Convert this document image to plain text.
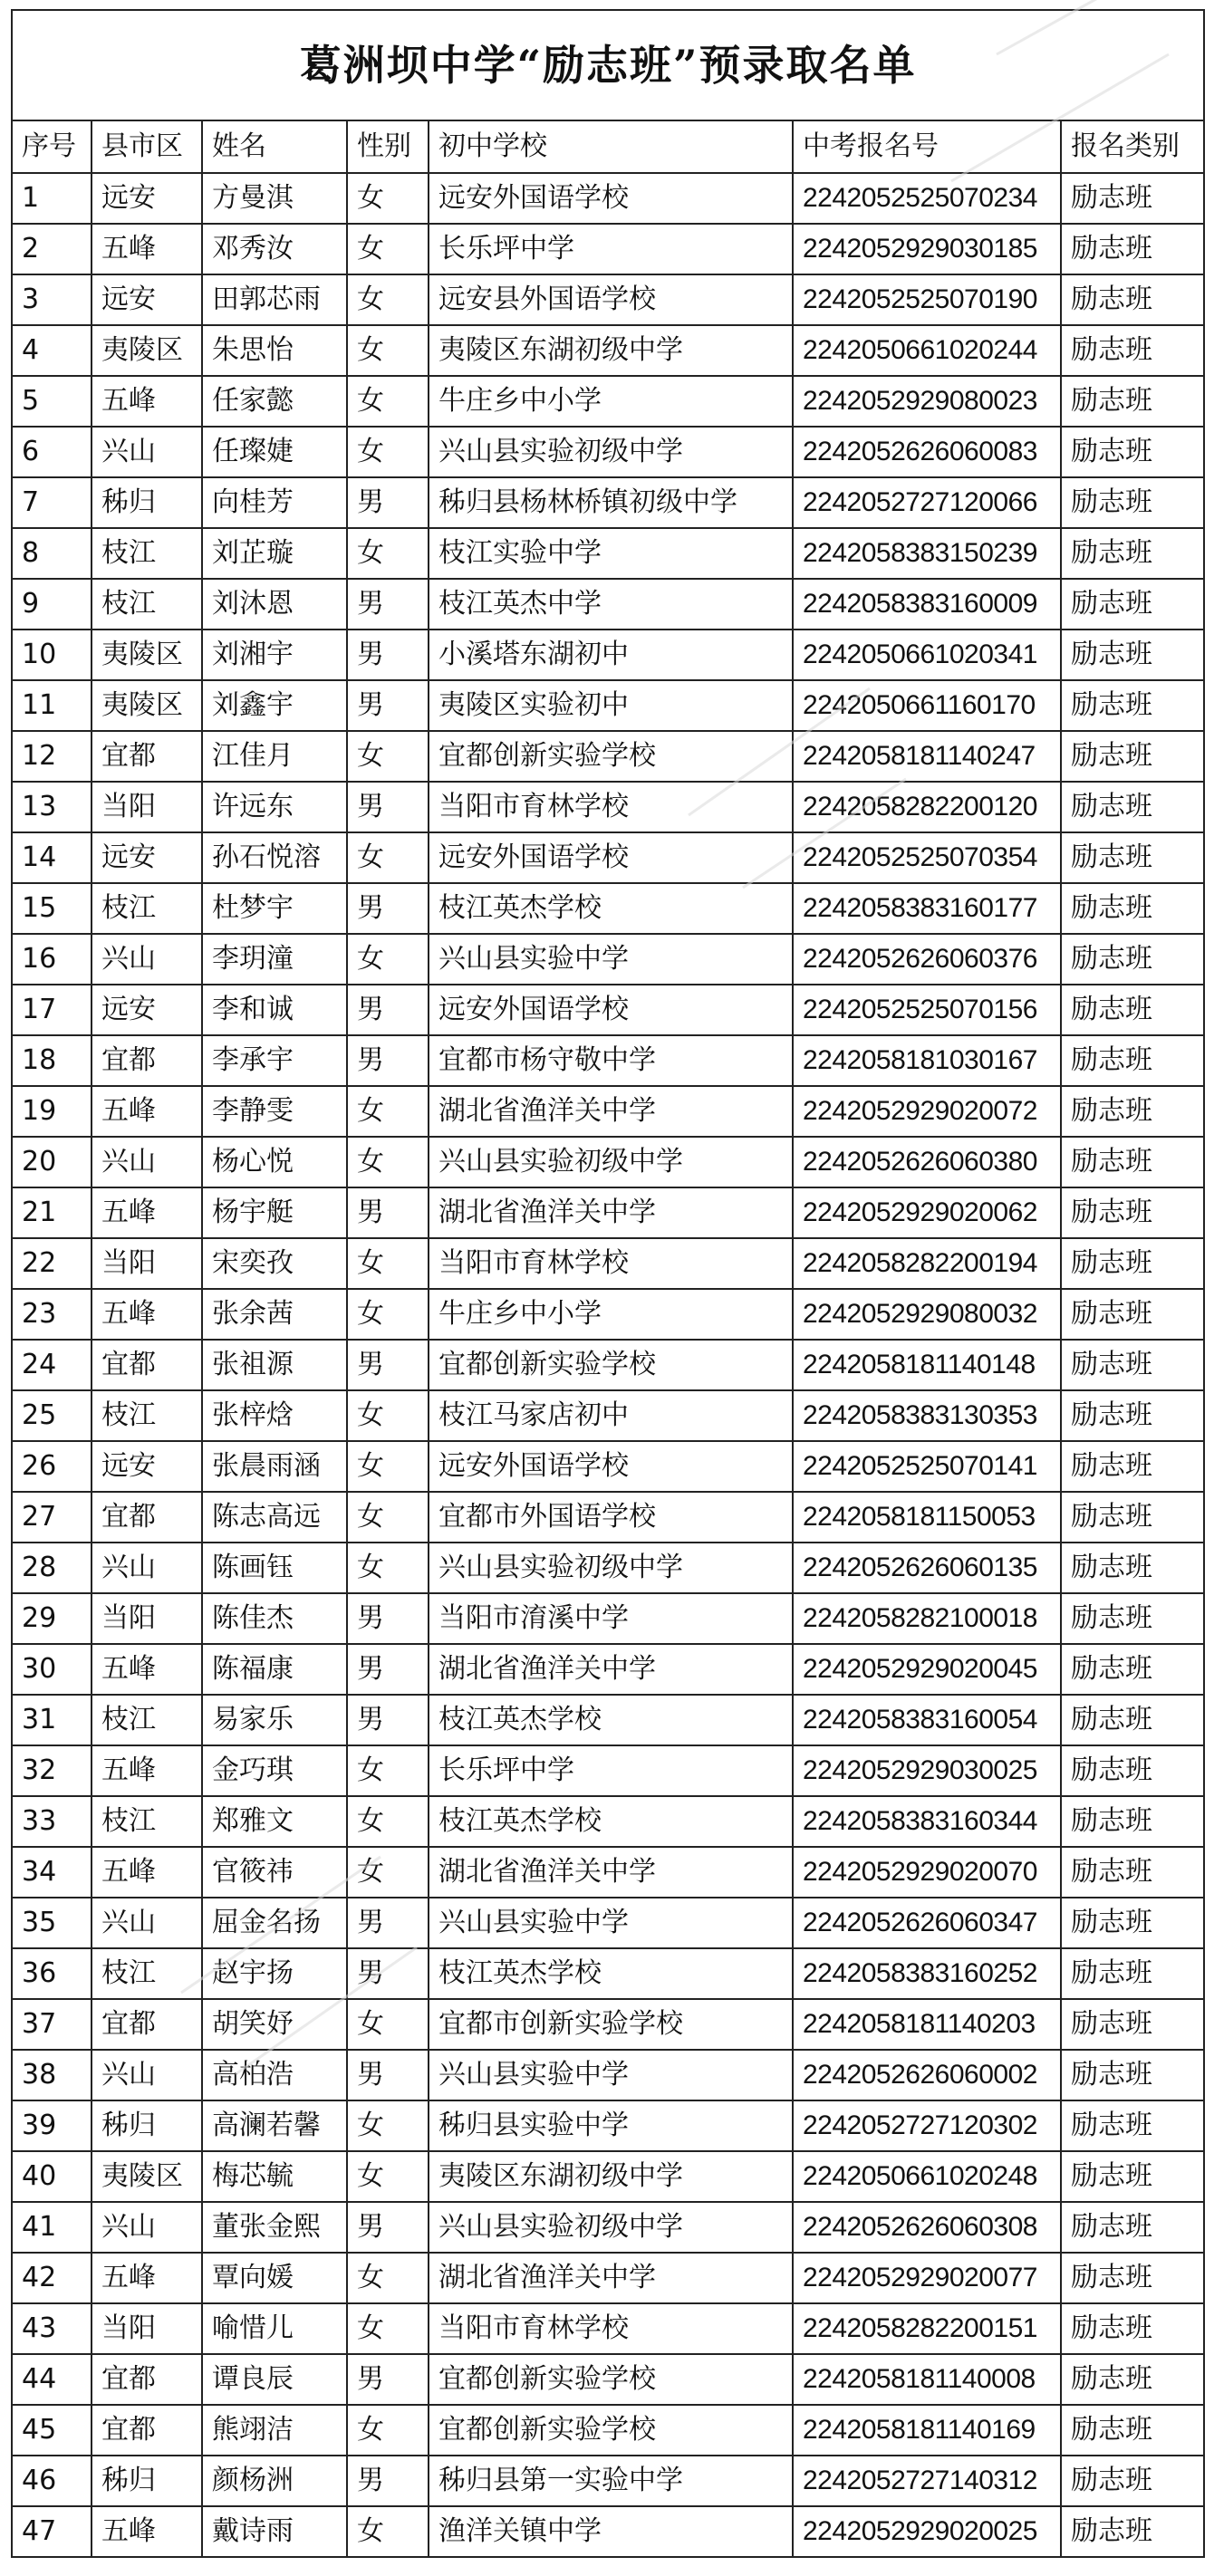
葛洲坝中学“励志班”预录取名单						
序号	县市区	姓名	性别	初中学校	中考报名号	报名类别
1	远安	方曼淇	女	远安外国语学校	2242052525070234	励志班
2	五峰	邓秀汝	女	长乐坪中学	2242052929030185	励志班
3	远安	田郭芯雨	女	远安县外国语学校	2242052525070190	励志班
4	夷陵区	朱思怡	女	夷陵区东湖初级中学	2242050661020244	励志班
5	五峰	任家懿	女	牛庄乡中小学	2242052929080023	励志班
6	兴山	任璨婕	女	兴山县实验初级中学	2242052626060083	励志班
7	秭归	向桂芳	男	秭归县杨林桥镇初级中学	2242052727120066	励志班
8	枝江	刘芷璇	女	枝江实验中学	2242058383150239	励志班
9	枝江	刘沐恩	男	枝江英杰中学	2242058383160009	励志班
10	夷陵区	刘湘宇	男	小溪塔东湖初中	2242050661020341	励志班
11	夷陵区	刘鑫宇	男	夷陵区实验初中	2242050661160170	励志班
12	宜都	江佳月	女	宜都创新实验学校	2242058181140247	励志班
13	当阳	许远东	男	当阳市育林学校	2242058282200120	励志班
14	远安	孙石悦溶	女	远安外国语学校	2242052525070354	励志班
15	枝江	杜梦宇	男	枝江英杰学校	2242058383160177	励志班
16	兴山	李玥潼	女	兴山县实验中学	2242052626060376	励志班
17	远安	李和诚	男	远安外国语学校	2242052525070156	励志班
18	宜都	李承宇	男	宜都市杨守敬中学	2242058181030167	励志班
19	五峰	李静雯	女	湖北省渔洋关中学	2242052929020072	励志班
20	兴山	杨心悦	女	兴山县实验初级中学	2242052626060380	励志班
21	五峰	杨宇艇	男	湖北省渔洋关中学	2242052929020062	励志班
22	当阳	宋奕孜	女	当阳市育林学校	2242058282200194	励志班
23	五峰	张余茜	女	牛庄乡中小学	2242052929080032	励志班
24	宜都	张祖源	男	宜都创新实验学校	2242058181140148	励志班
25	枝江	张梓焓	女	枝江马家店初中	2242058383130353	励志班
26	远安	张晨雨涵	女	远安外国语学校	2242052525070141	励志班
27	宜都	陈志高远	女	宜都市外国语学校	2242058181150053	励志班
28	兴山	陈画钰	女	兴山县实验初级中学	2242052626060135	励志班
29	当阳	陈佳杰	男	当阳市淯溪中学	2242058282100018	励志班
30	五峰	陈福康	男	湖北省渔洋关中学	2242052929020045	励志班
31	枝江	易家乐	男	枝江英杰学校	2242058383160054	励志班
32	五峰	金巧琪	女	长乐坪中学	2242052929030025	励志班
33	枝江	郑雅文	女	枝江英杰学校	2242058383160344	励志班
34	五峰	官筱祎	女	湖北省渔洋关中学	2242052929020070	励志班
35	兴山	屈金名扬	男	兴山县实验中学	2242052626060347	励志班
36	枝江	赵宇扬	男	枝江英杰学校	2242058383160252	励志班
37	宜都	胡笑妤	女	宜都市创新实验学校	2242058181140203	励志班
38	兴山	高柏浩	男	兴山县实验中学	2242052626060002	励志班
39	秭归	高澜若馨	女	秭归县实验中学	2242052727120302	励志班
40	夷陵区	梅芯毓	女	夷陵区东湖初级中学	2242050661020248	励志班
41	兴山	董张金熙	男	兴山县实验初级中学	2242052626060308	励志班
42	五峰	覃向媛	女	湖北省渔洋关中学	2242052929020077	励志班
43	当阳	喻惜儿	女	当阳市育林学校	2242058282200151	励志班
44	宜都	谭良辰	男	宜都创新实验学校	2242058181140008	励志班
45	宜都	熊翊洁	女	宜都创新实验学校	2242058181140169	励志班
46	秭归	颜杨洲	男	秭归县第一实验中学	2242052727140312	励志班
47	五峰	戴诗雨	女	渔洋关镇中学	2242052929020025	励志班
